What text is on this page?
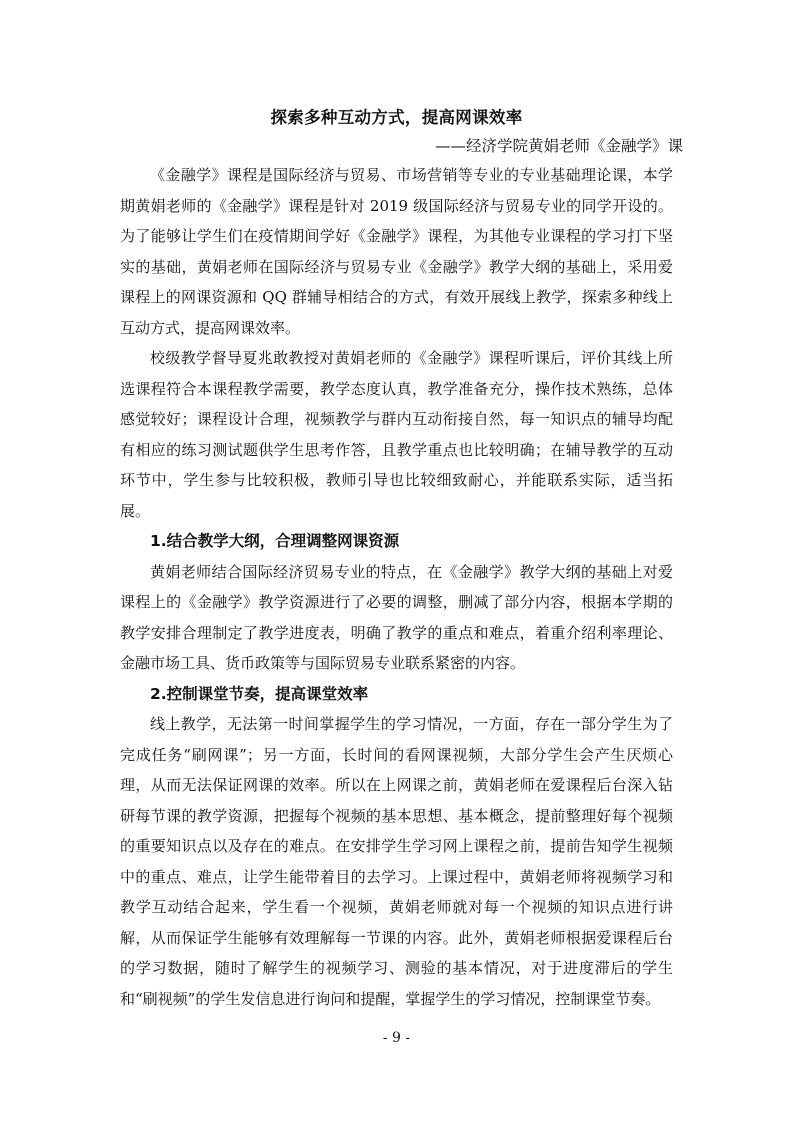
探索多种互动方式，提高网课效率
——经济学院黄娟老师《金融学》课

《金融学》课程是国际经济与贸易、市场营销等专业的专业基础理论课，本学期黄娟老师的《金融学》课程是针对 2019 级国际经济与贸易专业的同学开设的。为了能够让学生们在疫情期间学好《金融学》课程，为其他专业课程的学习打下坚实的基础，黄娟老师在国际经济与贸易专业《金融学》教学大纲的基础上，采用爱课程上的网课资源和 QQ 群辅导相结合的方式，有效开展线上教学，探索多种线上互动方式，提高网课效率。

校级教学督导夏兆敢教授对黄娟老师的《金融学》课程听课后，评价其线上所选课程符合本课程教学需要，教学态度认真，教学准备充分，操作技术熟练，总体感觉较好；课程设计合理，视频教学与群内互动衔接自然，每一知识点的辅导均配有相应的练习测试题供学生思考作答，且教学重点也比较明确；在辅导教学的互动环节中，学生参与比较积极，教师引导也比较细致耐心，并能联系实际，适当拓展。

1.结合教学大纲，合理调整网课资源

黄娟老师结合国际经济贸易专业的特点，在《金融学》教学大纲的基础上对爱课程上的《金融学》教学资源进行了必要的调整，删减了部分内容，根据本学期的教学安排合理制定了教学进度表，明确了教学的重点和难点，着重介绍利率理论、金融市场工具、货币政策等与国际贸易专业联系紧密的内容。

2.控制课堂节奏，提高课堂效率

线上教学，无法第一时间掌握学生的学习情况，一方面，存在一部分学生为了完成任务“刷网课”；另一方面，长时间的看网课视频，大部分学生会产生厌烦心理，从而无法保证网课的效率。所以在上网课之前，黄娟老师在爱课程后台深入钻研每节课的教学资源，把握每个视频的基本思想、基本概念，提前整理好每个视频的重要知识点以及存在的难点。在安排学生学习网上课程之前，提前告知学生视频中的重点、难点，让学生能带着目的去学习。上课过程中，黄娟老师将视频学习和教学互动结合起来，学生看一个视频，黄娟老师就对每一个视频的知识点进行讲解，从而保证学生能够有效理解每一节课的内容。此外，黄娟老师根据爱课程后台的学习数据，随时了解学生的视频学习、测验的基本情况，对于进度滞后的学生和“刷视频”的学生发信息进行询问和提醒，掌握学生的学习情况，控制课堂节奏。

- 9 -
